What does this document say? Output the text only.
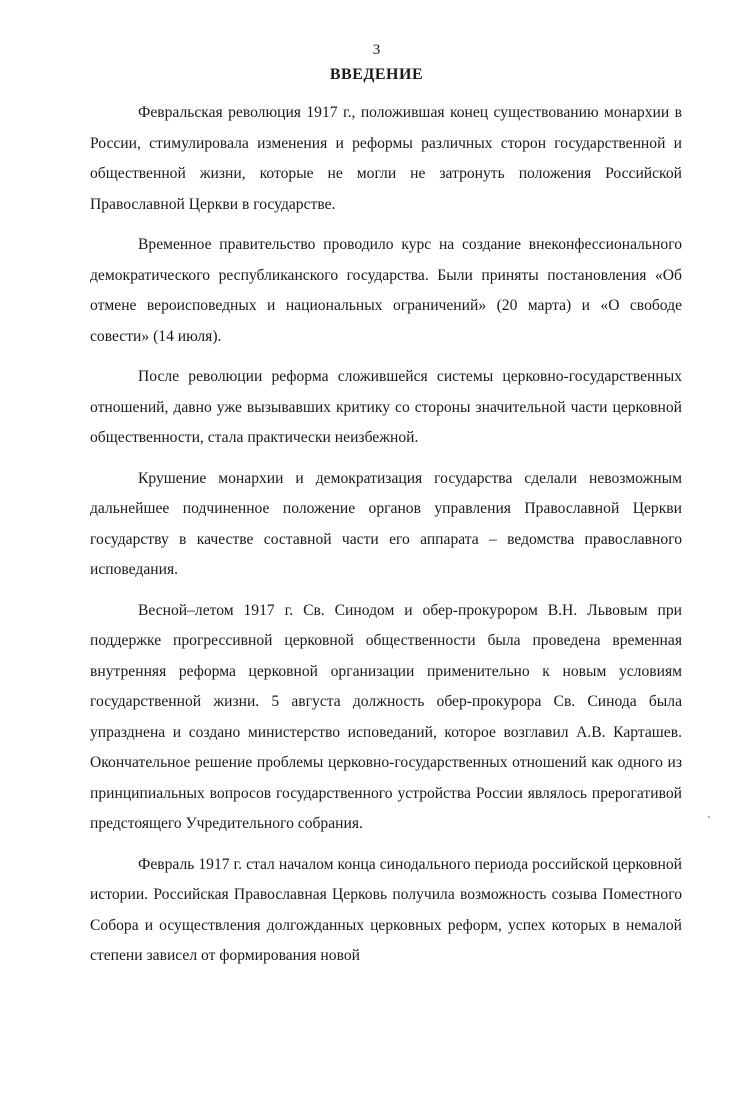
3
ВВЕДЕНИЕ

Февральская революция 1917 г., положившая конец существованию монархии в России, стимулировала изменения и реформы различных сторон государственной и общественной жизни, которые не могли не затронуть положения Российской Православной Церкви в государстве.

Временное правительство проводило курс на создание внеконфессионального демократического республиканского государства. Были приняты постановления «Об отмене вероисповедных и национальных ограничений» (20 марта) и «О свободе совести» (14 июля).

После революции реформа сложившейся системы церковно-государственных отношений, давно уже вызывавших критику со стороны значительной части церковной общественности, стала практически неизбежной.

Крушение монархии и демократизация государства сделали невозможным дальнейшее подчиненное положение органов управления Православной Церкви государству в качестве составной части его аппарата – ведомства православного исповедания.

Весной–летом 1917 г. Св. Синодом и обер-прокурором В.Н. Львовым при поддержке прогрессивной церковной общественности была проведена временная внутренняя реформа церковной организации применительно к новым условиям государственной жизни. 5 августа должность обер-прокурора Св. Синода была упразднена и создано министерство исповеданий, которое возглавил А.В. Карташев. Окончательное решение проблемы церковно-государственных отношений как одного из принципиальных вопросов государственного устройства России являлось прерогативой предстоящего Учредительного собрания.

Февраль 1917 г. стал началом конца синодального периода российской церковной истории. Российская Православная Церковь получила возможность созыва Поместного Собора и осуществления долгожданных церковных реформ, успех которых в немалой степени зависел от формирования новой
